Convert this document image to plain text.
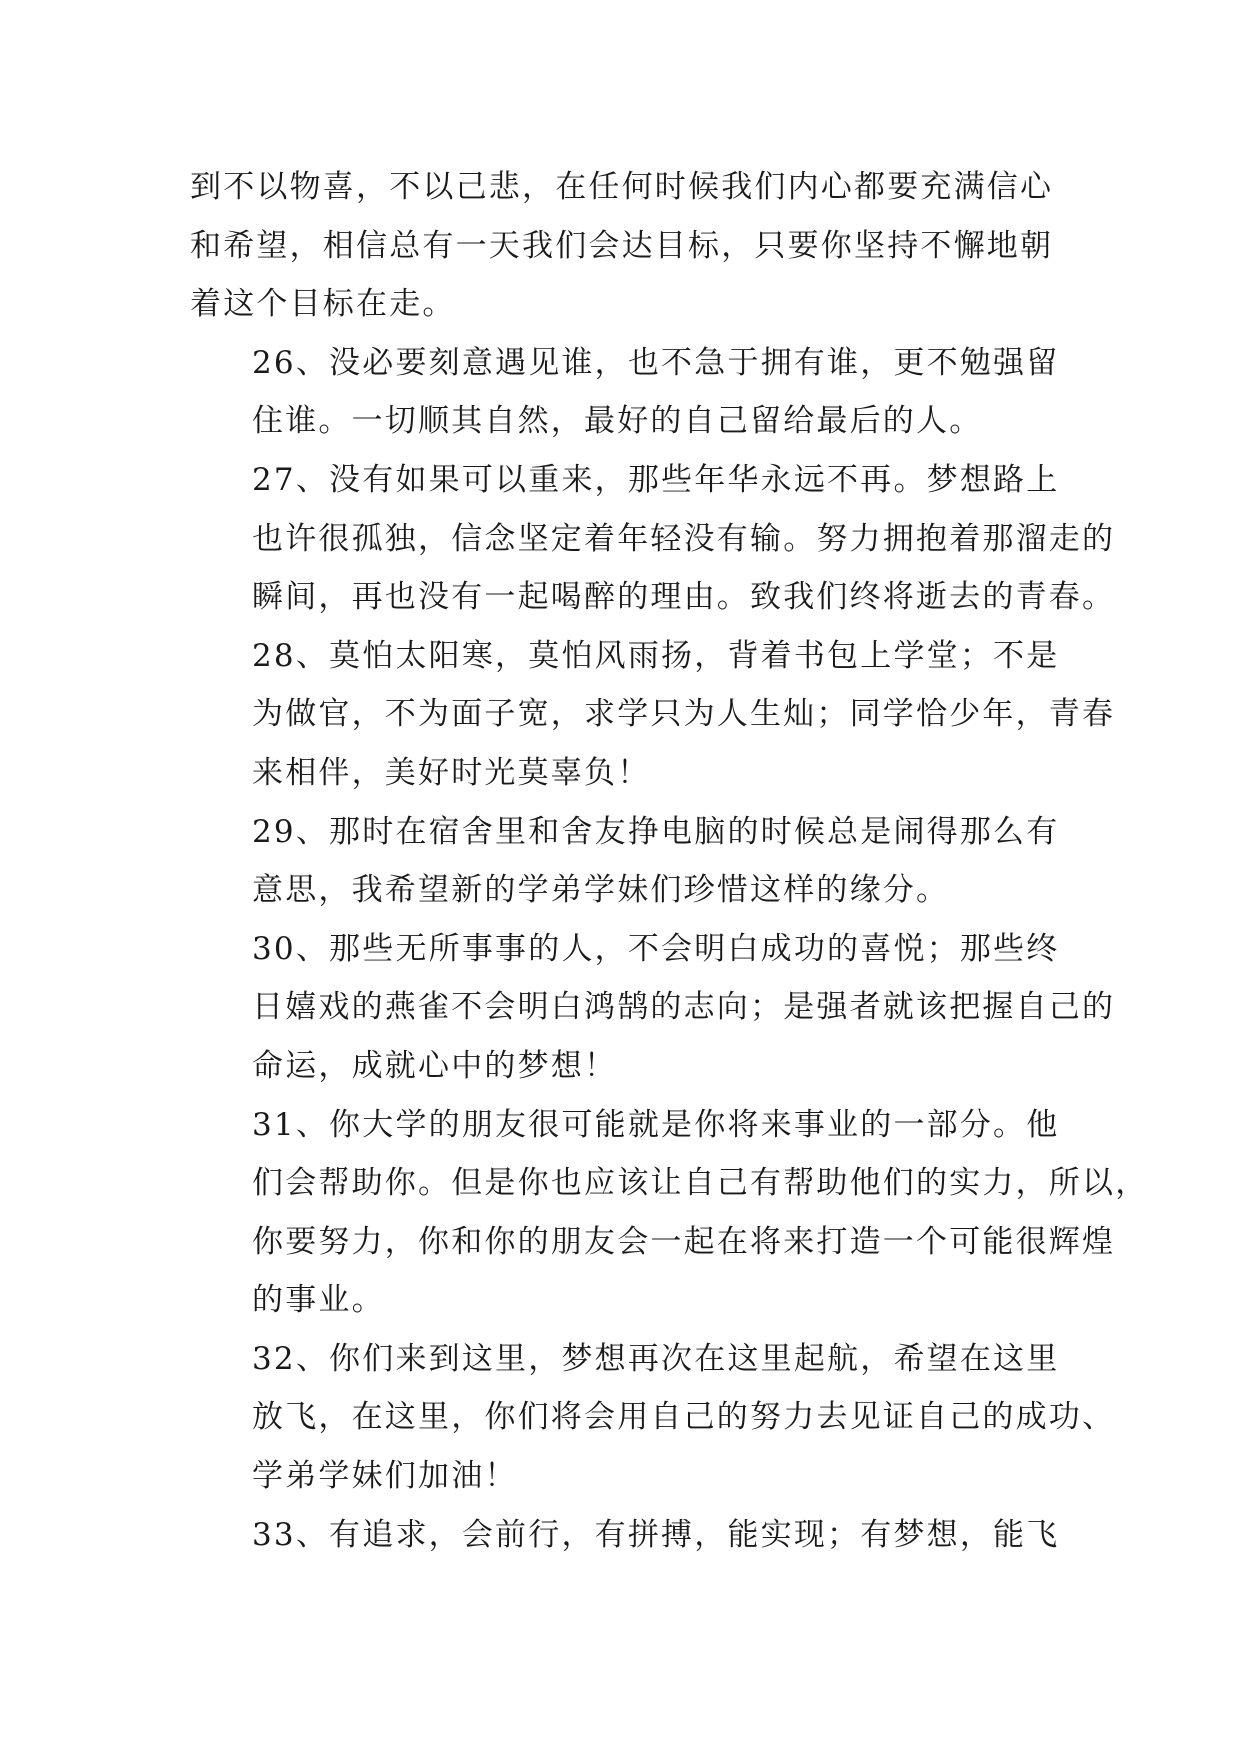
到不以物喜，不以己悲，在任何时候我们内心都要充满信心
和希望，相信总有一天我们会达目标，只要你坚持不懈地朝
着这个目标在走。

26、没必要刻意遇见谁，也不急于拥有谁，更不勉强留
住谁。一切顺其自然，最好的自己留给最后的人。

27、没有如果可以重来，那些年华永远不再。梦想路上
也许很孤独，信念坚定着年轻没有输。努力拥抱着那溜走的
瞬间，再也没有一起喝醉的理由。致我们终将逝去的青春。

28、莫怕太阳寒，莫怕风雨扬，背着书包上学堂；不是
为做官，不为面子宽，求学只为人生灿；同学恰少年，青春
来相伴，美好时光莫辜负！

29、那时在宿舍里和舍友挣电脑的时候总是闹得那么有
意思，我希望新的学弟学妹们珍惜这样的缘分。

30、那些无所事事的人，不会明白成功的喜悦；那些终
日嬉戏的燕雀不会明白鸿鹄的志向；是强者就该把握自己的
命运，成就心中的梦想！

31、你大学的朋友很可能就是你将来事业的一部分。他
们会帮助你。但是你也应该让自己有帮助他们的实力，所以，
你要努力，你和你的朋友会一起在将来打造一个可能很辉煌
的事业。

32、你们来到这里，梦想再次在这里起航，希望在这里
放飞，在这里，你们将会用自己的努力去见证自己的成功、
学弟学妹们加油！

33、有追求，会前行，有拼搏，能实现；有梦想，能飞
